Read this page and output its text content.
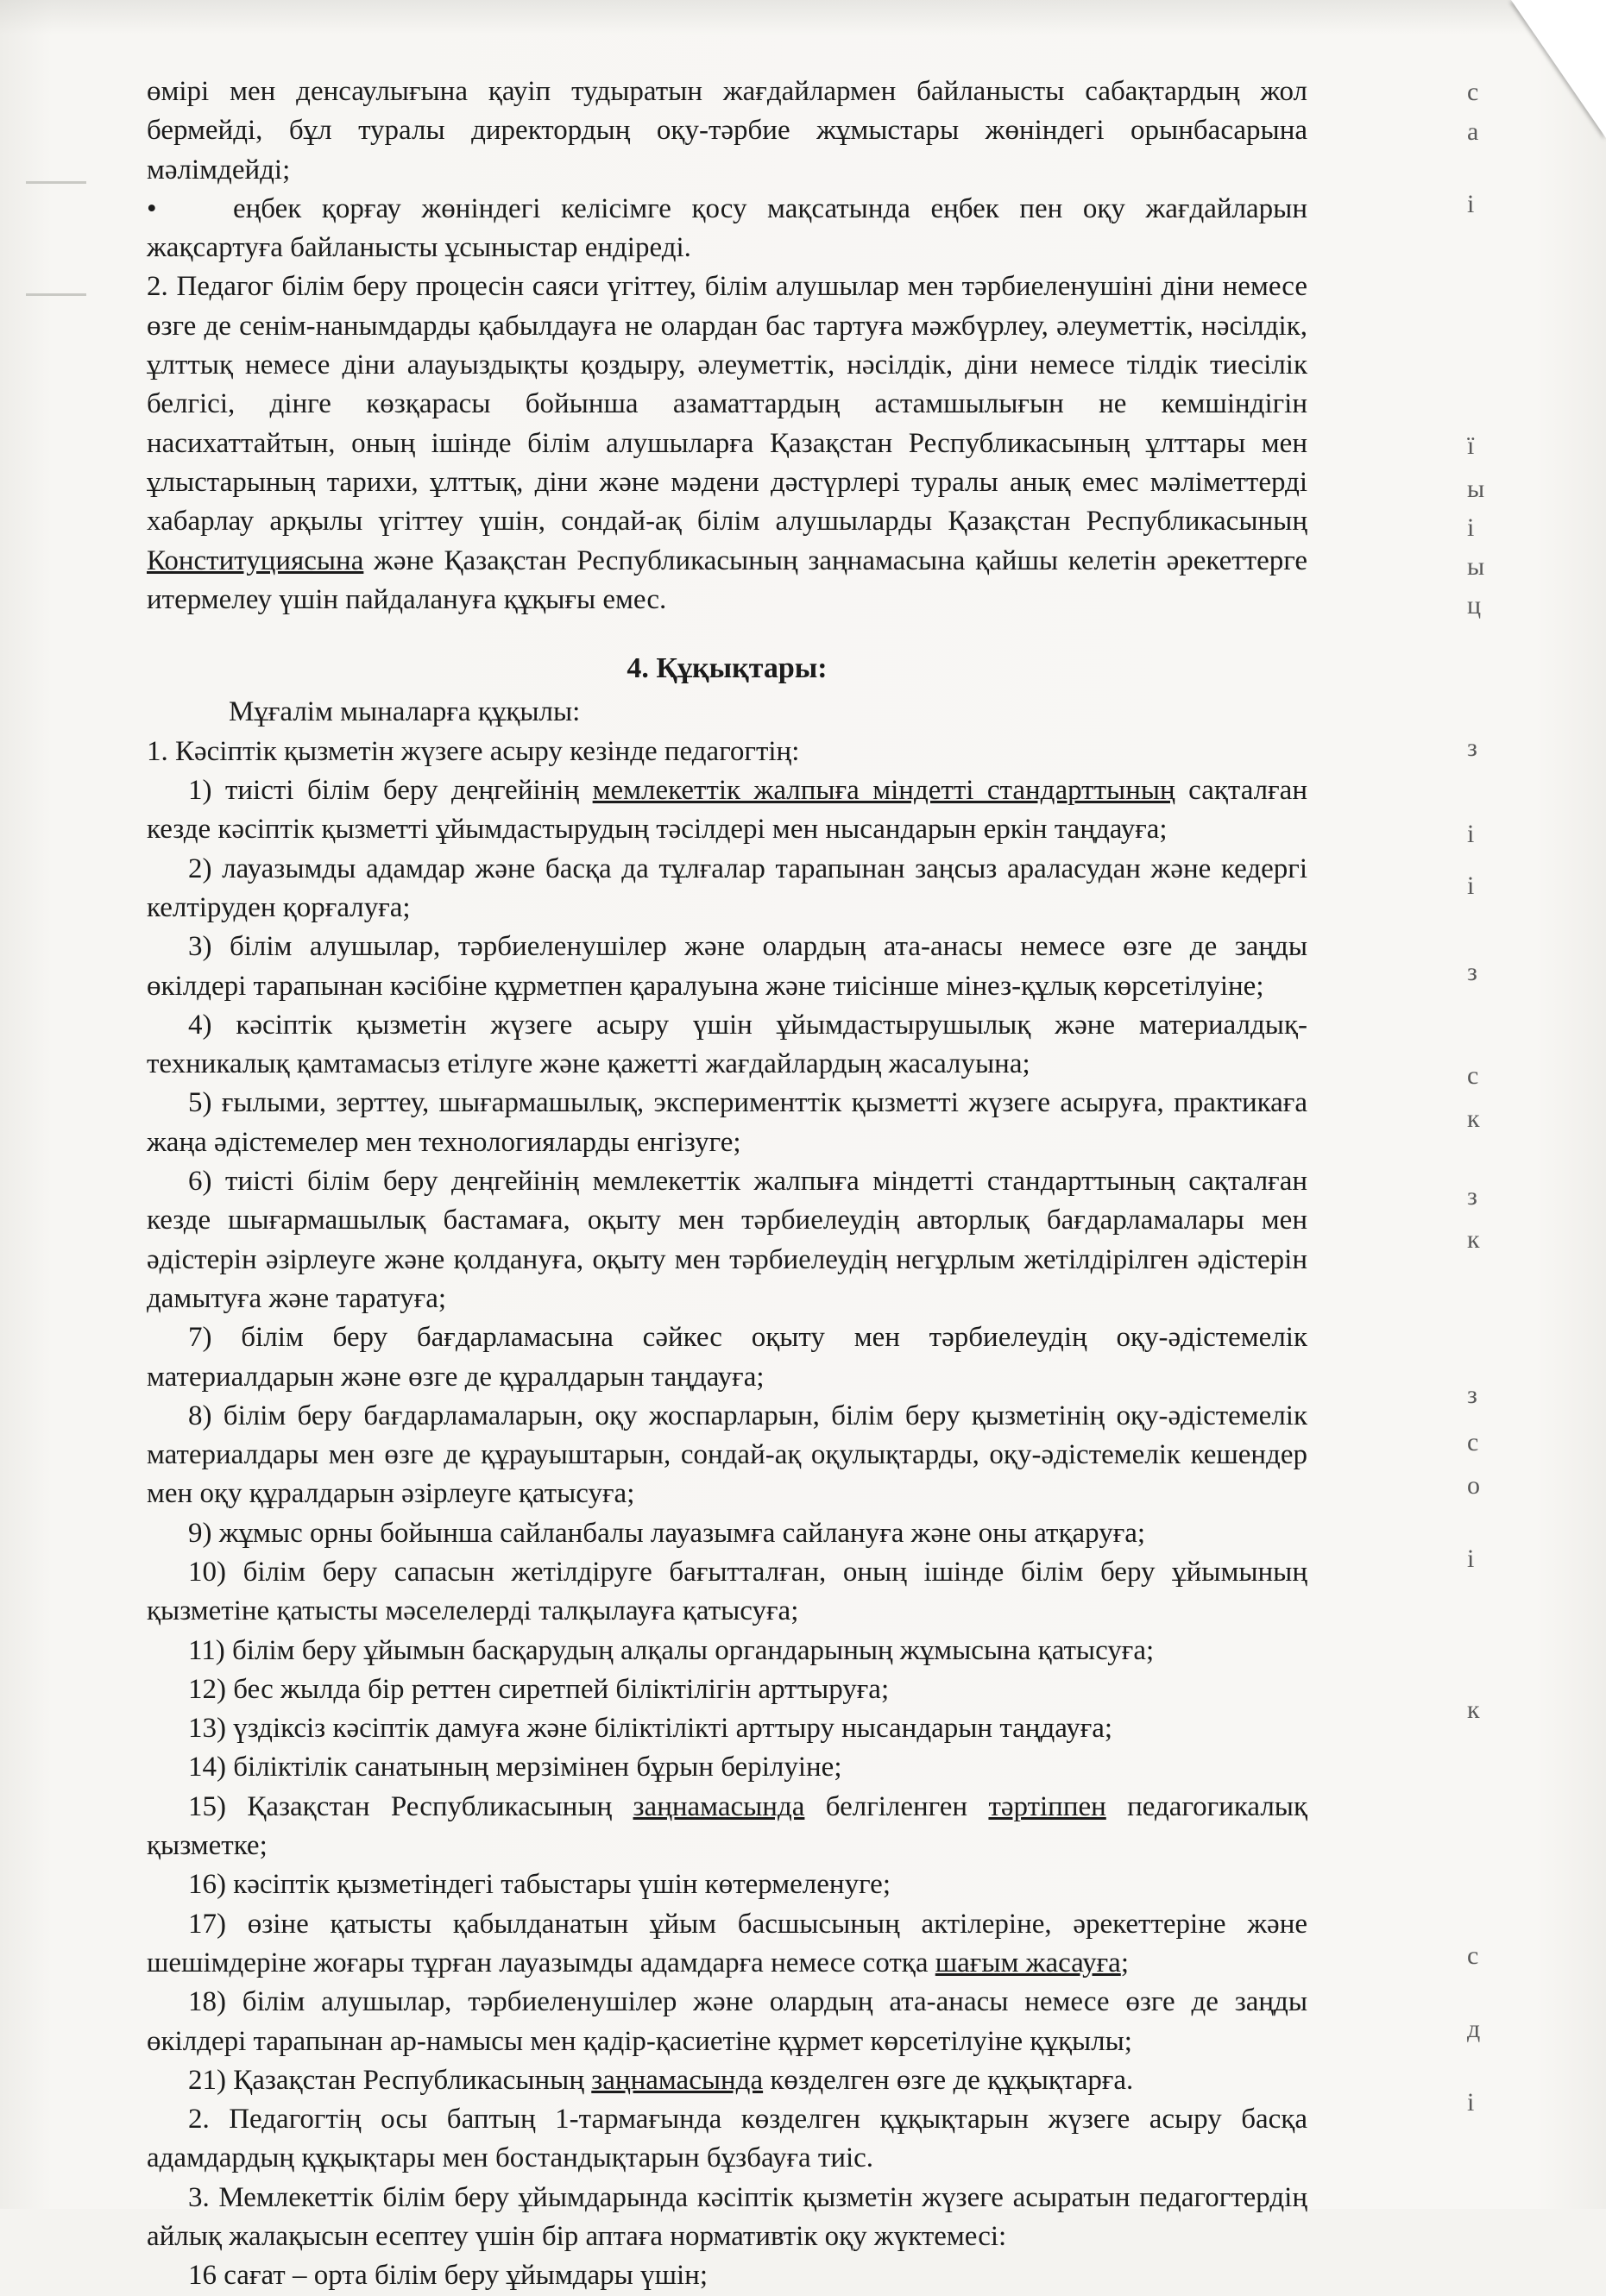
өмірі мен денсаулығына қауіп тудыратын жағдайлармен байланысты сабақтардың жол бермейді, бұл туралы директордың оқу-тәрбие жұмыстары жөніндегі орынбасарына мәлімдейді;

•	еңбек қорғау жөніндегі келісімге қосу мақсатында еңбек пен оқу жағдайларын жақсартуға байланысты ұсыныстар ендіреді.

2. Педагог білім беру процесін саяси үгіттеу, білім алушылар мен тәрбиеленушіні діни немесе өзге де сенім-нанымдарды қабылдауға не олардан бас тартуға мәжбүрлеу, әлеуметтік, нәсілдік, ұлттық немесе діни алауыздықты қоздыру, әлеуметтік, нәсілдік, діни немесе тілдік тиесілік белгісі, дінге көзқарасы бойынша азаматтардың астамшылығын не кемшіндігін насихаттайтын, оның ішінде білім алушыларға Қазақстан Республикасының ұлттары мен ұлыстарының тарихи, ұлттық, діни және мәдени дәстүрлері туралы анық емес мәліметтерді хабарлау арқылы үгіттеу үшін, сондай-ақ білім алушыларды Қазақстан Республикасының Конституциясына және Қазақстан Республикасының заңнамасына қайшы келетін әрекеттерге итермелеу үшін пайдалануға құқығы емес.

4. Құқықтары:

Мұғалім мыналарға құқылы:

1. Кәсіптік қызметін жүзеге асыру кезінде педагогтің:

1) тиісті білім беру деңгейінің мемлекеттік жалпыға міндетті стандарттының сақталған кезде кәсіптік қызметті ұйымдастырудың тәсілдері мен нысандарын еркін таңдауға;

2) лауазымды адамдар және басқа да тұлғалар тарапынан заңсыз араласудан және кедергі келтіруден қорғалуға;

3) білім алушылар, тәрбиеленушілер және олардың ата-анасы немесе өзге де заңды өкілдері тарапынан кәсібіне құрметпен қаралуына және тиісінше мінез-құлық көрсетілуіне;

4) кәсіптік қызметін жүзеге асыру үшін ұйымдастырушылық және материалдық-техникалық қамтамасыз етілуге және қажетті жағдайлардың жасалуына;

5) ғылыми, зерттеу, шығармашылық, эксперименттік қызметті жүзеге асыруға, практикаға жаңа әдістемелер мен технологияларды енгізуге;

6) тиісті білім беру деңгейінің мемлекеттік жалпыға міндетті стандарттының сақталған кезде шығармашылық бастамаға, оқыту мен тәрбиелеудің авторлық бағдарламалары мен әдістерін әзірлеуге және қолдануға, оқыту мен тәрбиелеудің негұрлым жетілдірілген әдістерін дамытуға және таратуға;

7) білім беру бағдарламасына сәйкес оқыту мен тәрбиелеудің оқу-әдістемелік материалдарын және өзге де құралдарын таңдауға;

8) білім беру бағдарламаларын, оқу жоспарларын, білім беру қызметінің оқу-әдістемелік материалдары мен өзге де құрауыштарын, сондай-ақ оқулықтарды, оқу-әдістемелік кешендер мен оқу құралдарын әзірлеуге қатысуға;

9) жұмыс орны бойынша сайланбалы лауазымға сайлануға және оны атқаруға;

10) білім беру сапасын жетілдіруге бағытталған, оның ішінде білім беру ұйымының қызметіне қатысты мәселелерді талқылауға қатысуға;

11) білім беру ұйымын басқарудың алқалы органдарының жұмысына қатысуға;

12) бес жылда бір реттен сиретпей біліктілігін арттыруға;

13) үздіксіз кәсіптік дамуға және біліктілікті арттыру нысандарын таңдауға;

14) біліктілік санатының мерзімінен бұрын берілуіне;

15) Қазақстан Республикасының заңнамасында белгіленген тәртіппен педагогикалық қызметке;

16) кәсіптік қызметіндегі табыстары үшін көтермеленуге;

17) өзіне қатысты қабылданатын ұйым басшысының актілеріне, әрекеттеріне және шешімдеріне жоғары тұрған лауазымды адамдарға немесе сотқа шағым жасауға;

18) білім алушылар, тәрбиеленушілер және олардың ата-анасы немесе өзге де заңды өкілдері тарапынан ар-намысы мен қадір-қасиетіне құрмет көрсетілуіне құқылы;

21) Қазақстан Республикасының заңнамасында көзделген өзге де құқықтарға.

2. Педагогтің осы баптың 1-тармағында көзделген құқықтарын жүзеге асыру басқа адамдардың құқықтары мен бостандықтарын бұзбауға тиіс.

3. Мемлекеттік білім беру ұйымдарында кәсіптік қызметін жүзеге асыратын педагогтердің айлық жалақысын есептеу үшін бір аптаға нормативтік оқу жүктемесі:

16 сағат – орта білім беру ұйымдары үшін;

с
а
і
ї
ы
і
ы
ц
з
і
і
з
с
к
з
к
з
с
о
і
к
с
д
і
